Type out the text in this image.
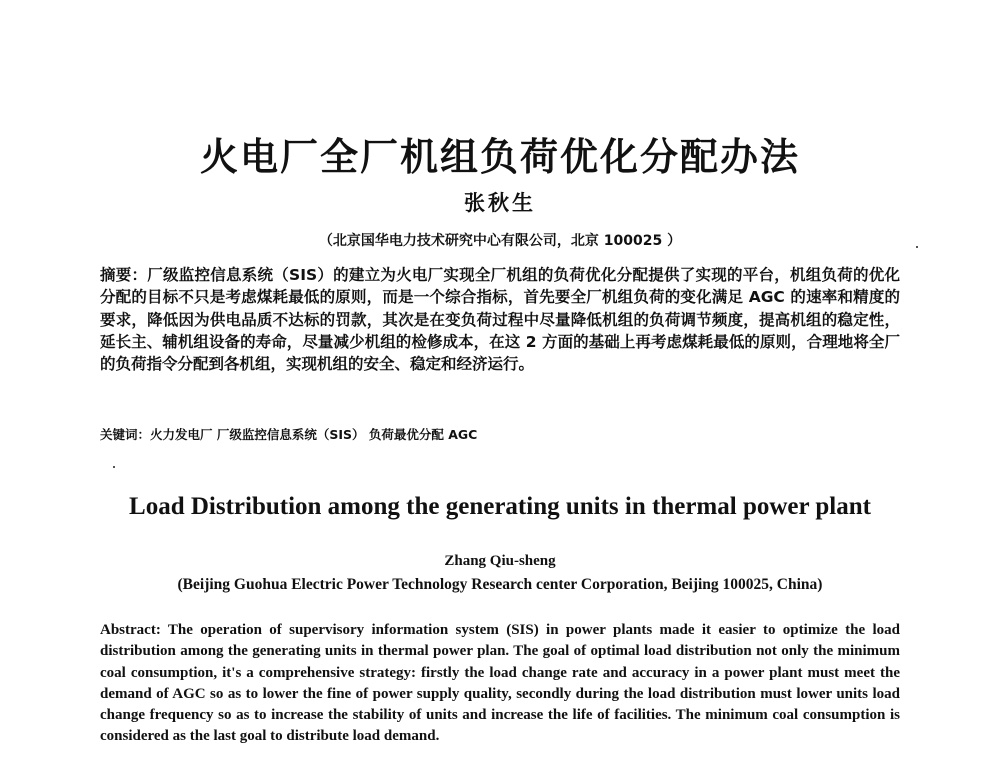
火电厂全厂机组负荷优化分配办法
张秋生
（北京国华电力技术研究中心有限公司，北京 100025 ）
摘要：厂级监控信息系统（SIS）的建立为火电厂实现全厂机组的负荷优化分配提供了实现的平台，机组负荷的优化分配的目标不只是考虑煤耗最低的原则，而是一个综合指标，首先要全厂机组负荷的变化满足 AGC 的速率和精度的要求，降低因为供电品质不达标的罚款，其次是在变负荷过程中尽量降低机组的负荷调节频度，提高机组的稳定性，延长主、辅机组设备的寿命，尽量减少机组的检修成本，在这 2 方面的基础上再考虑煤耗最低的原则，合理地将全厂的负荷指令分配到各机组，实现机组的安全、稳定和经济运行。
关键词：火力发电厂 厂级监控信息系统（SIS） 负荷最优分配 AGC
Load Distribution among the generating units in thermal power plant
Zhang Qiu-sheng
(Beijing Guohua Electric Power Technology Research center Corporation, Beijing 100025, China)
Abstract: The operation of supervisory information system (SIS) in power plants made it easier to optimize the load distribution among the generating units in thermal power plan. The goal of optimal load distribution not only the minimum coal consumption, it's a comprehensive strategy: firstly the load change rate and accuracy in a power plant must meet the demand of AGC so as to lower the fine of power supply quality, secondly during the load distribution must lower units load change frequency so as to increase the stability of units and increase the life of facilities. The minimum coal consumption is considered as the last goal to distribute load demand.
